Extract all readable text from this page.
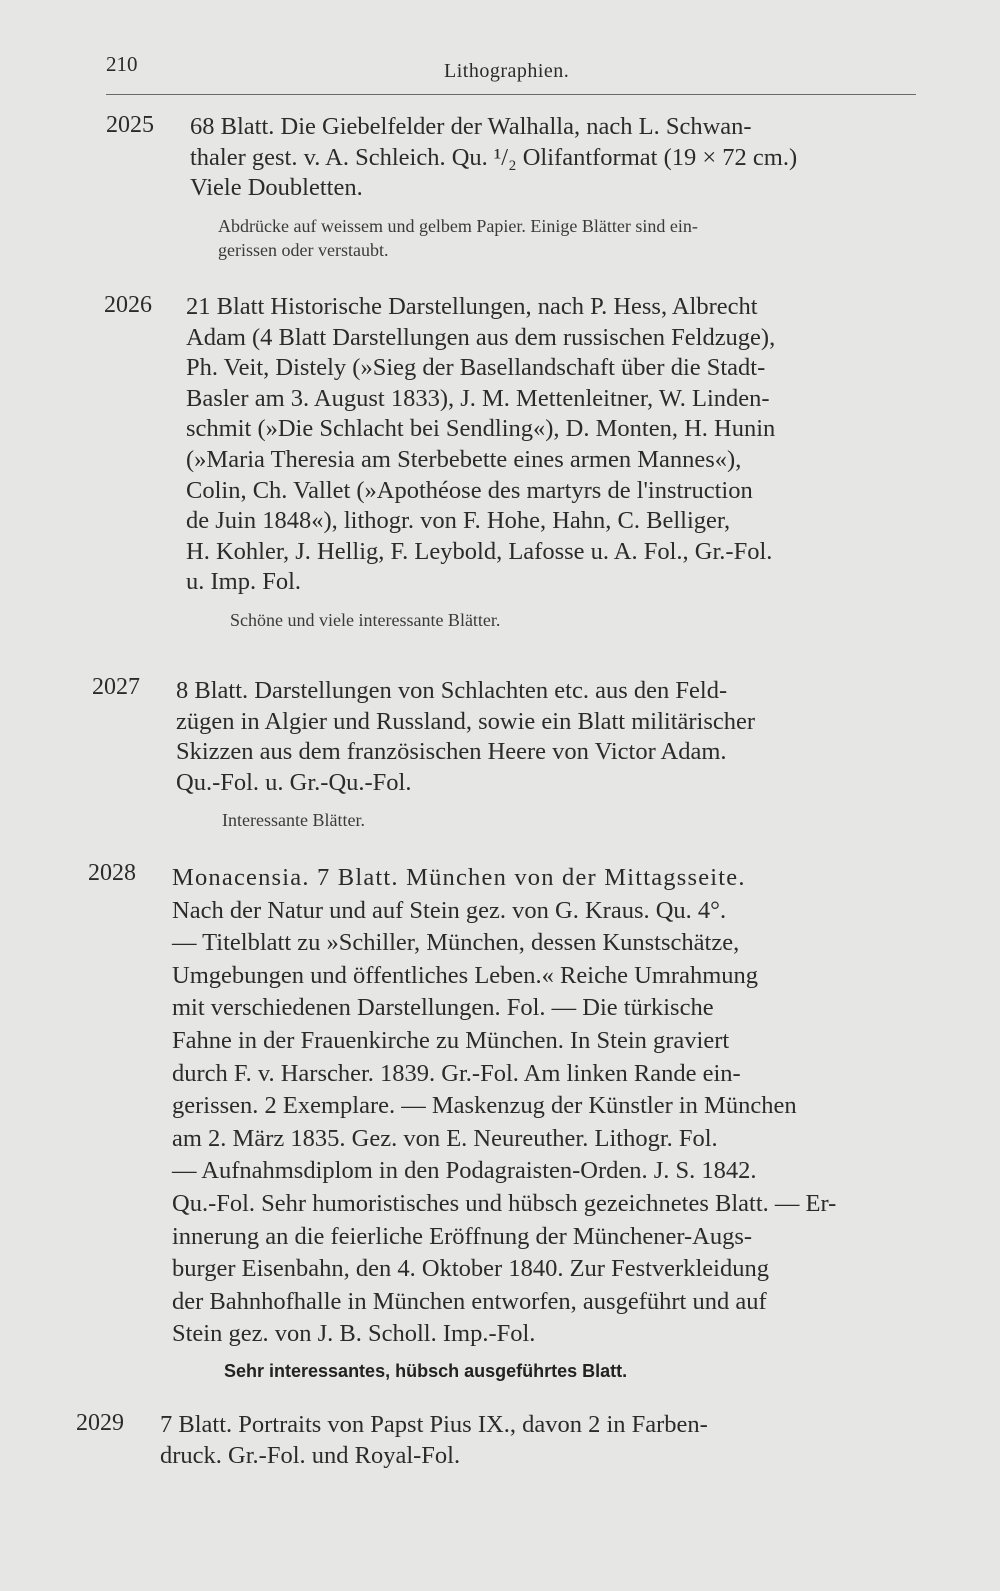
210	Lithographien.
2025 68 Blatt. Die Giebelfelder der Walhalla, nach L. Schwan-
thaler gest. v. A. Schleich. Qu. ¹/₂ Olifantformat (19 × 72 cm.)
Viele Doubletten.
Abdrücke auf weissem und gelbem Papier. Einige Blätter sind ein-
gerissen oder verstaubt.
2026 21 Blatt Historische Darstellungen, nach P. Hess, Albrecht
Adam (4 Blatt Darstellungen aus dem russischen Feldzuge),
Ph. Veit, Distely (»Sieg der Basellandschaft über die Stadt-
Basler am 3. August 1833), J. M. Mettenleitner, W. Linden-
schmit (»Die Schlacht bei Sendling«), D. Monten, H. Hunin
(»Maria Theresia am Sterbebette eines armen Mannes«),
Colin, Ch. Vallet (»Apothéose des martyrs de l'instruction
de Juin 1848«), lithogr. von F. Hohe, Hahn, C. Belliger,
H. Kohler, J. Hellig, F. Leybold, Lafosse u. A. Fol., Gr.-Fol.
u. Imp. Fol.
Schöne und viele interessante Blätter.
2027 8 Blatt. Darstellungen von Schlachten etc. aus den Feld-
zügen in Algier und Russland, sowie ein Blatt militärischer
Skizzen aus dem französischen Heere von Victor Adam.
Qu.-Fol. u. Gr.-Qu.-Fol.
Interessante Blätter.
2028 Monacensia. 7 Blatt. München von der Mittagsseite.
Nach der Natur und auf Stein gez. von G. Kraus. Qu. 4°.
— Titelblatt zu »Schiller, München, dessen Kunstschätze,
Umgebungen und öffentliches Leben.« Reiche Umrahmung
mit verschiedenen Darstellungen. Fol. — Die türkische
Fahne in der Frauenkirche zu München. In Stein graviert
durch F. v. Harscher. 1839. Gr.-Fol. Am linken Rande ein-
gerissen. 2 Exemplare. — Maskenzug der Künstler in München
am 2. März 1835. Gez. von E. Neureuther. Lithogr. Fol.
— Aufnahmsdiplom in den Podagraisten-Orden. J. S. 1842.
Qu.-Fol. Sehr humoristisches und hübsch gezeichnetes Blatt. — Er-
innerung an die feierliche Eröffnung der Münchener-Augs-
burger Eisenbahn, den 4. Oktober 1840. Zur Festverkleidung
der Bahnhofhalle in München entworfen, ausgeführt und auf
Stein gez. von J. B. Scholl. Imp.-Fol.
Sehr interessantes, hübsch ausgeführtes Blatt.
2029 7 Blatt. Portraits von Papst Pius IX., davon 2 in Farben-
druck. Gr.-Fol. und Royal-Fol.
